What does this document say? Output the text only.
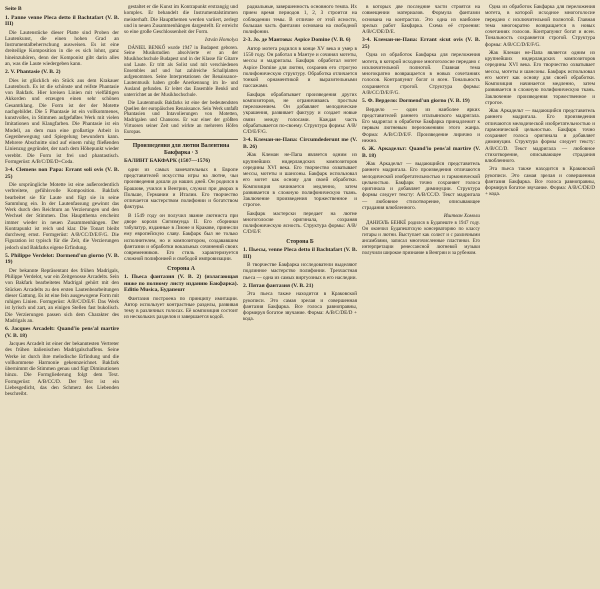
Seite B
1. Pannе venne Pleca detto il Bachtafart (V. B. III)

Die Lautenstücke dieser Platte sind Proben der Lautenkunst, die einen hohen Grad an Instrumentalbeherrschung ausweisen. Es ist eine dreiteilige Komposition in die es sich lohnt, ganz hineinzuhören, denn der Komponist gibt darin alles an, was die Laute wiedergeben kann.

2. V. Phantasie (V. B. 2)

Dies ist glücklich ein Stück aus dem Krakauer Lautenbuch. Es ist die schönste und reifste Phantasie von Bakfark. Hier kreisen Linien mit vielfältigen Akkorden und erzeugen einen sehr schönen Gesamtklang. Die Form ist der der Motette nachgebildet. Die 5 Phantasie ist ein vollkommenes, kunstvolles, in Stimmen aufgefaßtes Werk mit vielen Imitationen und Klangfarben. Die Phantasie ist ein Modell, an dem man eine großartige Arbeit in Gegenbewegung und Spiegelung bewundern kann. Mehrere Abschnitte sind auf einem ruhig fließenden Linienzug gegründet, der nach dem Höhepunkt wieder verebbt. Die Form ist frei und phantastisch. Formgerüst: A/B/C/DE/D+Coda.

3-4. Clemens non Papa: Errant soli ovis (V. B. 25)

Die ursprüngliche Motette ist eine außerordentlich verbreitete, gefühlsvolle Komposition. Bakfark bearbeitet sie für Laute und fügt sie in seine Sammlung ein. In der Lautenfassung gewinnt das Werk durch den Reichtum an Verzierungen und den Wechsel der Stimmen. Das Hauptthema erscheint immer wieder in neuen Zusammenhängen. Der Kontrapunkt ist reich und klar. Die Tonart bleibt durchweg ernst. Formgerüst: A/B/CC/D/E/F/G. Die Figuration ist typisch für die Zeit, die Verzierungen jedoch sind Bakfarks eigene Erfindung.

5. Philippe Verdelot: Dormend'un giorno (V. B. 19)

Der bekannte Repräsentant des frühen Madrigals, Philippe Verdelot, war ein Zeitgenosse Arcadelts. Sein von Bakfark bearbeitetes Madrigal gehört mit den Stücken Arcadelts zu den ersten Lautenbearbeitungen dieser Gattung. Es ist eine fein ausgewogene Form mit ruhigen Linien. Formgerüst: A/B/C/D/E/F. Das Werk ist lyrisch und zart, an einigen Stellen fast bukolisch. Die Verzierungen passen sich dem Charakter des Madrigals an.

6. Jacques Arcadelt: Quand'io pens'al martire (V. B. 18)

Jacques Arcadelt ist einer der bekanntesten Vertreter des frühen italienischen Madrigalschaffens. Seine Werke ist durch ihre melodische Erfindung und die vollkommene Harmonie gekennzeichnet. Bakfark übernimmt die Stimmen genau und fügt Diminutionen hinzu. Die Formgliederung folgt dem Text. Formgerüst: A/B/CC/D. Der Text ist ein Liebesgedicht, das den Schmerz des Liebenden beschreibt.

gestaltet er die Kunst im Kontrapunkt erstrangig und komplex. Er behandelt die Instrumentalstimmen meisterhaft. Die Hauptthemen werden variiert, zerlegt und in neuen Zusammenhängen dargestellt. Er erreicht so eine große Geschlossenheit der Form.

István Homolya

DÁNIEL BENKŐ wurde 1947 in Budapest geboren. Seine Musikstudien absolvierte er an der Musikhochschule Budapest und in der Klasse für Gitarre und Laute. Er tritt als Solist und mit verschiedenen Ensembles auf und hat zahlreiche Schallplatten aufgenommen. Seine Interpretationen der Renaissance-Lautenmusik haben große Anerkennung im In- und Ausland gefunden. Er leitet das Ensemble Benkő und unterrichtet an der Musikhochschule.

Die Lautenmusik Bakfarks ist eine der bedeutendsten Quellen der europäischen Renaissance. Sein Werk umfaßt Phantasien und Intavolierungen von Motetten, Madrigalen und Chansons. Er war einer der größten Virtuosen seiner Zeit und wirkte an mehreren Höfen Europas.

Произведения для лютни Валентина Бакфарка · 3
БАЛИНТ БАКФАРК (1507—1576)

одни из самых замечательных в Европе представителей искусства игры на лютне, чьи произведения дошли до наших дней. Он родился в Брашове, учился в Венгрии, служил при дворах в Польше, Германии и Италии. Его творчество отличается мастерством полифонии и богатством фактуры.

В 1549 году он получил звание лютниста при дворе короля Сигизмунда II. Его сборники табулатур, изданные в Лионе и Кракове, принесли ему европейскую славу. Бакфарк был не только исполнителем, но и композитором, создававшим фантазии и обработки вокальных сочинений своих современников. Его стиль характеризуется сложной полифонией и свободой импровизации.

Сторона А
1. Пьеса фантазия (V. B. 2) (излагающая ниже по полному листу изданию Бакфарка). Editio Musica, Будапешт

Фантазия построена по принципу имитации. Автор использует контрастные разделы, развивая тему в различных голосах. Её композиция состоит из нескольких разделов и завершается кодой.

радиальные, завершенность основного темпа. Их прием время периодов 1, 2, 3 строится на соблюдении темы. В отличие от этой ясности, большая часть фантазии основана на свободной полифонии.

2-3. Jo. де Мантова: Aspice Domine (V. B. 6)

Автор мотета родился в конце XV века и умер в 1550 году. Он работал в Мантуе и сочинял мотеты, мессы и мадригалы. Бакфарк обработал мотет Aspice Domine для лютни, сохранив его строгую полифоническую структуру. Обработка отличается тонкой орнаментикой и выразительными пассажами.

Бакфарк обрабатывает произведения других композиторов, не ограничиваясь простым переложением. Он добавляет мелодические украшения, развивает фактуру и создает новые связи между голосами. Каждая часть обрабатывается по-своему. Структура формы: А/В/С/D/E/F/G.

3-4. Клеман-не-Папа: Circumdederunt me (V. B. 26)

Жак Клеман не-Папа является одним из крупнейших нидерландских композиторов середины XVI века. Его творчество охватывает мессы, мотеты и шансоны. Бакфарк использовал его мотет как основу для своей обработки. Композиция начинается медленно, затем развивается в сложную полифоническую ткань. Заключение произведения торжественное и строгое.

Бакфарк мастерски передает на лютне многоголосие оригинала, сохраняя полифоническую ясность. Структура формы: А/В/С/D/E/F.

Сторона Б
1. Пьесы, venne Pleca detto il Bachtafart (V. B. III)

В творчестве Бакфарка исследователи выделяют подлинное мастерство полифонии. Трехчастная пьеса — одна из самых виртуозных в его наследии.

2. Пятая фантазия (V. B. 21)

Эта пьеса также находится в Краковской рукописи. Это самая зрелая и совершенная фантазия Бакфарка. Все голоса равноправны, формируя богатое звучание. Форма: А/В/С/DE/D + кода.

в которых две последние части строятся на совмещении материалов. Формула фантазии основана на контрастах. Это одна из наиболее зрелых работ Бакфарка. Схема её строения: A/B/C/DE/D/E.

3-4. Клеман-не-Папа: Errant sicut ovis (V. B. 25)

Одна из обработок Бакфарка для переложения мотета, в которой исходное многоголосие передано с исключительной полнотой. Главная тема многократно возвращается в новых сочетаниях голосов. Контрапункт богат и ясен. Тональность сохраняется строгой. Структура формы: A/B/CC/D/E/F/G.

5. Ф. Вердело: Dormend'un giorno (V. B. 19)

Вердело — один из наиболее ярких представителей раннего итальянского мадригала. Его мадригал в обработке Бакфарка принадлежит к первым лютневым переложениям этого жанра. Форма: А/В/С/D/E/F. Произведение лирично и нежно.

6. Ж. Аркадельт: Quand'io pens'al martire (V. B. 18)

Жак Аркадельт — выдающийся представитель раннего мадригала. Его произведения отличаются мелодической изобретательностью и гармонической цельностью. Бакфарк точно сохраняет голоса оригинала и добавляет диминуции. Структура формы следует тексту: A/B/CC/D. Текст мадригала — любовное стихотворение, описывающее страдания влюбленного.

Иштван Хомоли

ДАНИЭЛЬ БЕНКЁ родился в Будапеште в 1947 году. Он окончил Будапештскую консерваторию по классу гитары и лютни. Выступает как солист и с различными ансамблями, записал многочисленные пластинки. Его интерпретации ренессансной лютневой музыки получили широкое признание в Венгрии и за рубежом.

Одна из обработок Бакфарка для переложения мотета, в которой исходное многоголосие передано с исключительной полнотой. Главная тема многократно возвращается в новых сочетаниях голосов. Контрапункт богат и ясен. Тональность сохраняется строгой. Структура формы: A/B/CC/D/E/F/G.

Жак Клеман не-Папа является одним из крупнейших нидерландских композиторов середины XVI века. Его творчество охватывает мессы, мотеты и шансоны. Бакфарк использовал его мотет как основу для своей обработки. Композиция начинается медленно, затем развивается в сложную полифоническую ткань. Заключение произведения торжественное и строгое.

Жак Аркадельт — выдающийся представитель раннего мадригала. Его произведения отличаются мелодической изобретательностью и гармонической цельностью. Бакфарк точно сохраняет голоса оригинала и добавляет диминуции. Структура формы следует тексту: A/B/CC/D. Текст мадригала — любовное стихотворение, описывающее страдания влюбленного.

Эта пьеса также находится в Краковской рукописи. Это самая зрелая и совершенная фантазия Бакфарка. Все голоса равноправны, формируя богатое звучание. Форма: А/В/С/DE/D + кода.
